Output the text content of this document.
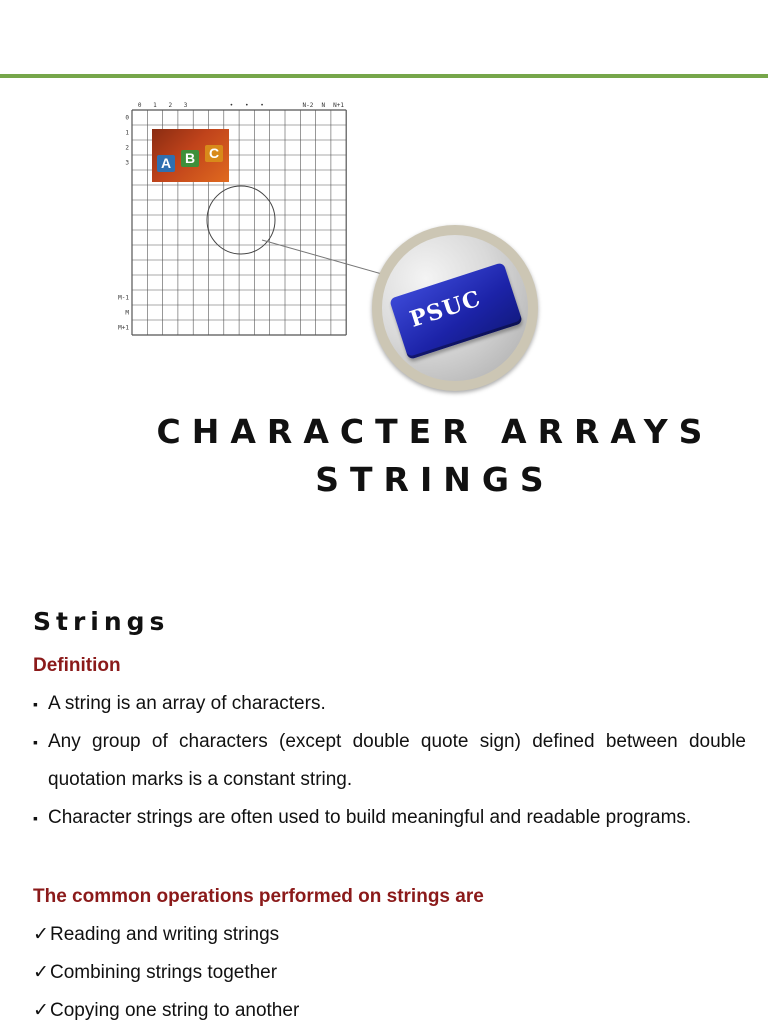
0 1 2 3	• • •	N-2 N N+1
0
1
2
3
M-1
M
M+1
A B C
PSUC
CHARACTER ARRAYS
STRINGS
Strings
Definition
▪ A string is an array of characters.
▪ Any group of characters (except double quote sign) defined between double quotation marks is a constant string.
▪ Character strings are often used to build meaningful and readable programs.
The common operations performed on strings are
✓ Reading and writing strings
✓ Combining strings together
✓ Copying one string to another
